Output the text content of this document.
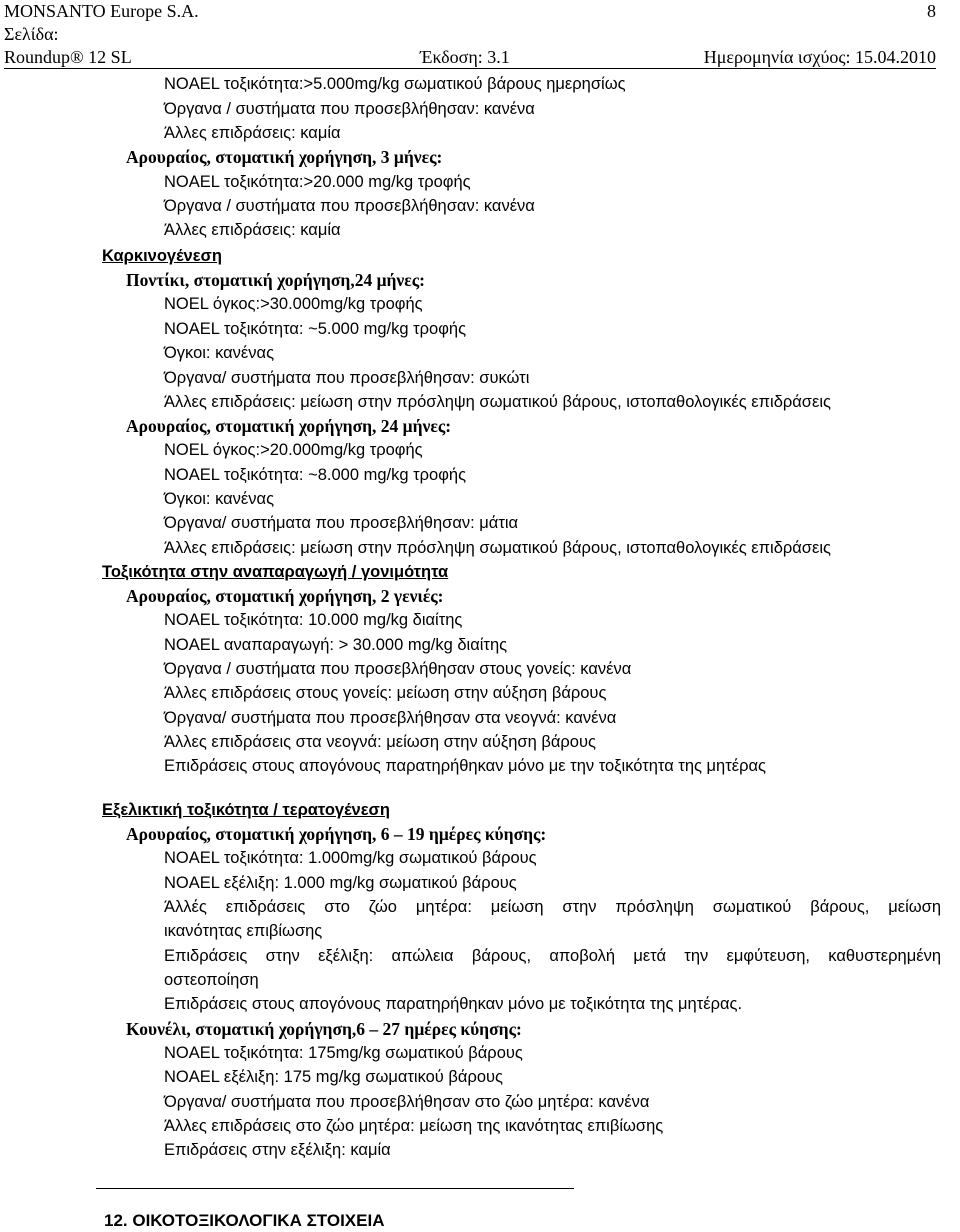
MONSANTO Europe S.A.	8
Σελίδα:
Roundup® 12 SL	Έκδοση: 3.1	Ημερομηνία ισχύος: 15.04.2010
NOAEL τοξικότητα:>5.000mg/kg σωματικού βάρους ημερησίως
Όργανα / συστήματα που προσεβλήθησαν: κανένα
Άλλες επιδράσεις: καμία
Αρουραίος, στοματική χορήγηση, 3 μήνες:
NOAEL τοξικότητα:>20.000 mg/kg τροφής
Όργανα / συστήματα που προσεβλήθησαν: κανένα
Άλλες επιδράσεις: καμία
Καρκινογένεση
Ποντίκι, στοματική χορήγηση,24 μήνες:
NOEL όγκος:>30.000mg/kg τροφής
NOAEL τοξικότητα: ~5.000 mg/kg τροφής
Όγκοι: κανένας
Όργανα/ συστήματα που προσεβλήθησαν: συκώτι
Άλλες επιδράσεις: μείωση στην πρόσληψη σωματικού βάρους, ιστοπαθολογικές επιδράσεις
Αρουραίος, στοματική χορήγηση, 24 μήνες:
NOEL όγκος:>20.000mg/kg τροφής
NOAEL τοξικότητα: ~8.000 mg/kg τροφής
Όγκοι: κανένας
Όργανα/ συστήματα που προσεβλήθησαν: μάτια
Άλλες επιδράσεις: μείωση στην πρόσληψη σωματικού βάρους, ιστοπαθολογικές επιδράσεις
Τοξικότητα στην αναπαραγωγή / γονιμότητα
Αρουραίος, στοματική χορήγηση, 2 γενιές:
NOAEL τοξικότητα: 10.000 mg/kg διαίτης
NOAEL αναπαραγωγή: > 30.000 mg/kg διαίτης
Όργανα / συστήματα που προσεβλήθησαν στους γονείς: κανένα
Άλλες επιδράσεις στους γονείς: μείωση στην αύξηση βάρους
Όργανα/ συστήματα που προσεβλήθησαν στα νεογνά: κανένα
Άλλες επιδράσεις στα νεογνά: μείωση στην αύξηση βάρους
Επιδράσεις στους απογόνους παρατηρήθηκαν μόνο με την τοξικότητα της μητέρας
Εξελικτική τοξικότητα / τερατογένεση
Αρουραίος, στοματική χορήγηση, 6 – 19 ημέρες κύησης:
NOAEL τοξικότητα: 1.000mg/kg σωματικού βάρους
NOAEL εξέλιξη: 1.000 mg/kg σωματικού βάρους
Άλλές επιδράσεις στο ζώο μητέρα: μείωση στην πρόσληψη σωματικού βάρους, μείωση
ικανότητας επιβίωσης
Επιδράσεις στην εξέλιξη: απώλεια βάρους, αποβολή μετά την εμφύτευση, καθυστερημένη
οστεοποίηση
Επιδράσεις στους απογόνους παρατηρήθηκαν μόνο με τοξικότητα της μητέρας.
Κουνέλι, στοματική χορήγηση,6 – 27 ημέρες κύησης:
NOAEL τοξικότητα: 175mg/kg σωματικού βάρους
NOAEL εξέλιξη: 175 mg/kg σωματικού βάρους
Όργανα/ συστήματα που προσεβλήθησαν στο ζώο μητέρα: κανένα
Άλλες επιδράσεις στο ζώο μητέρα: μείωση της ικανότητας επιβίωσης
Επιδράσεις στην εξέλιξη: καμία
12. ΟΙΚΟΤΟΞΙΚΟΛΟΓΙΚΑ ΣΤΟΙΧΕΙΑ
